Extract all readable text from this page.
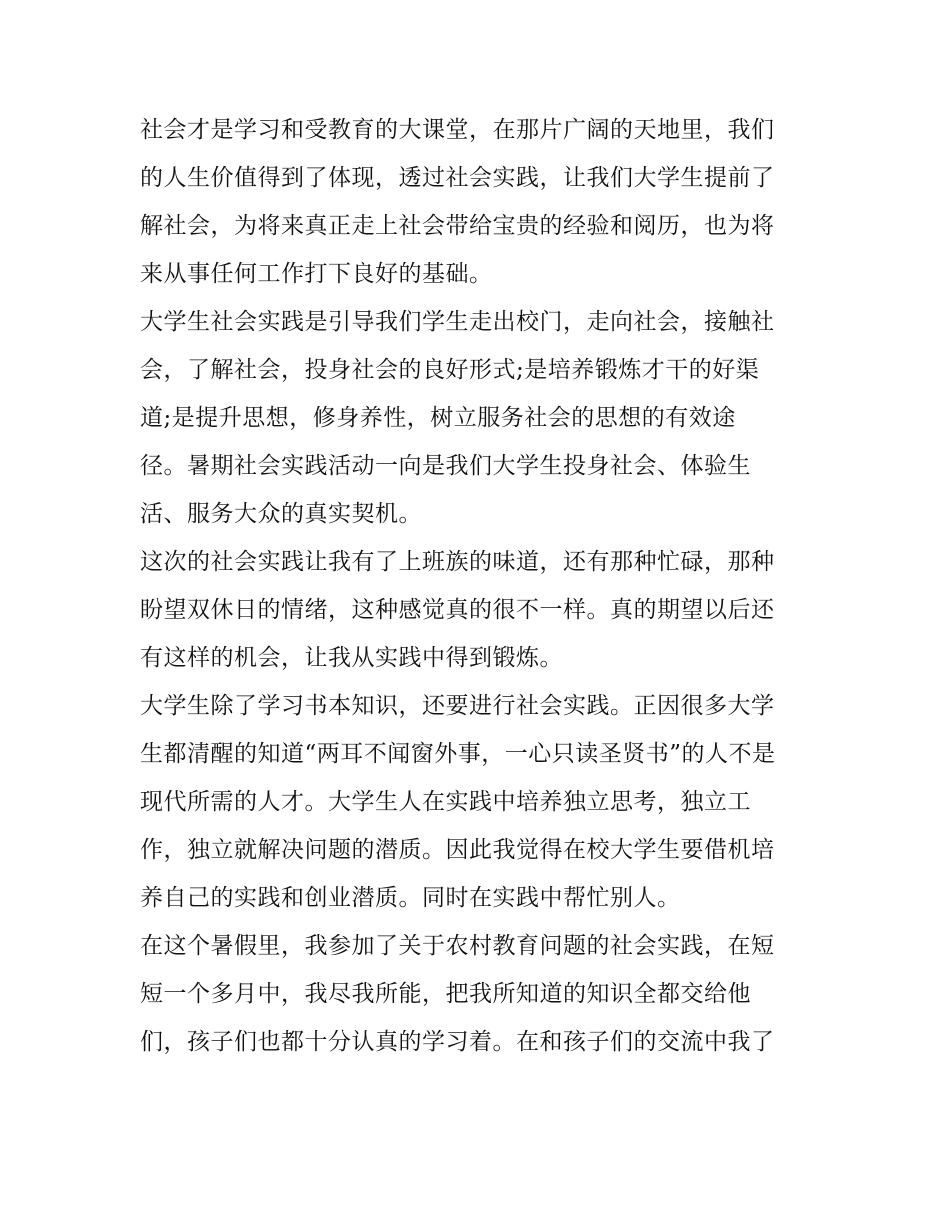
社会才是学习和受教育的大课堂，在那片广阔的天地里，我们
的人生价值得到了体现，透过社会实践，让我们大学生提前了
解社会，为将来真正走上社会带给宝贵的经验和阅历，也为将
来从事任何工作打下良好的基础。
大学生社会实践是引导我们学生走出校门，走向社会，接触社
会，了解社会，投身社会的良好形式;是培养锻炼才干的好渠
道;是提升思想，修身养性，树立服务社会的思想的有效途
径。暑期社会实践活动一向是我们大学生投身社会、体验生
活、服务大众的真实契机。
这次的社会实践让我有了上班族的味道，还有那种忙碌，那种
盼望双休日的情绪，这种感觉真的很不一样。真的期望以后还
有这样的机会，让我从实践中得到锻炼。
大学生除了学习书本知识，还要进行社会实践。正因很多大学
生都清醒的知道“两耳不闻窗外事，一心只读圣贤书”的人不是
现代所需的人才。大学生人在实践中培养独立思考，独立工
作，独立就解决问题的潜质。因此我觉得在校大学生要借机培
养自己的实践和创业潜质。同时在实践中帮忙别人。
在这个暑假里，我参加了关于农村教育问题的社会实践，在短
短一个多月中，我尽我所能，把我所知道的知识全都交给他
们，孩子们也都十分认真的学习着。在和孩子们的交流中我了
